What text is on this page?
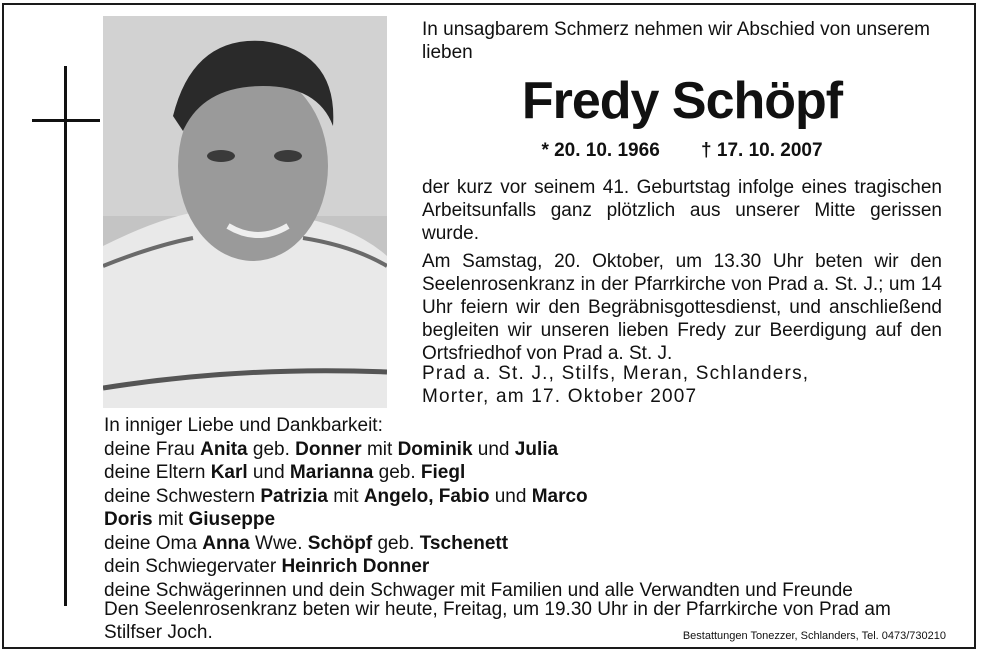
In unsagbarem Schmerz nehmen wir Abschied von unserem lieben
Fredy Schöpf
* 20. 10. 1966 † 17. 10. 2007
der kurz vor seinem 41. Geburtstag infolge eines tragischen Arbeitsunfalls ganz plötzlich aus unserer Mitte gerissen wurde.
Am Samstag, 20. Oktober, um 13.30 Uhr beten wir den Seelenrosenkranz in der Pfarrkirche von Prad a. St. J.; um 14 Uhr feiern wir den Begräbnisgottesdienst, und anschließend begleiten wir unseren lieben Fredy zur Beerdigung auf den Ortsfriedhof von Prad a. St. J.
Prad a. St. J., Stilfs, Meran, Schlanders,
Morter, am 17. Oktober 2007
In inniger Liebe und Dankbarkeit:
deine Frau Anita geb. Donner mit Dominik und Julia
deine Eltern Karl und Marianna geb. Fiegl
deine Schwestern Patrizia mit Angelo, Fabio und Marco
Doris mit Giuseppe
deine Oma Anna Wwe. Schöpf geb. Tschenett
dein Schwiegervater Heinrich Donner
deine Schwägerinnen und dein Schwager mit Familien und alle Verwandten und Freunde
Den Seelenrosenkranz beten wir heute, Freitag, um 19.30 Uhr in der Pfarrkirche von Prad am Stilfser Joch.	Bestattungen Tonezzer, Schlanders, Tel. 0473/730210
